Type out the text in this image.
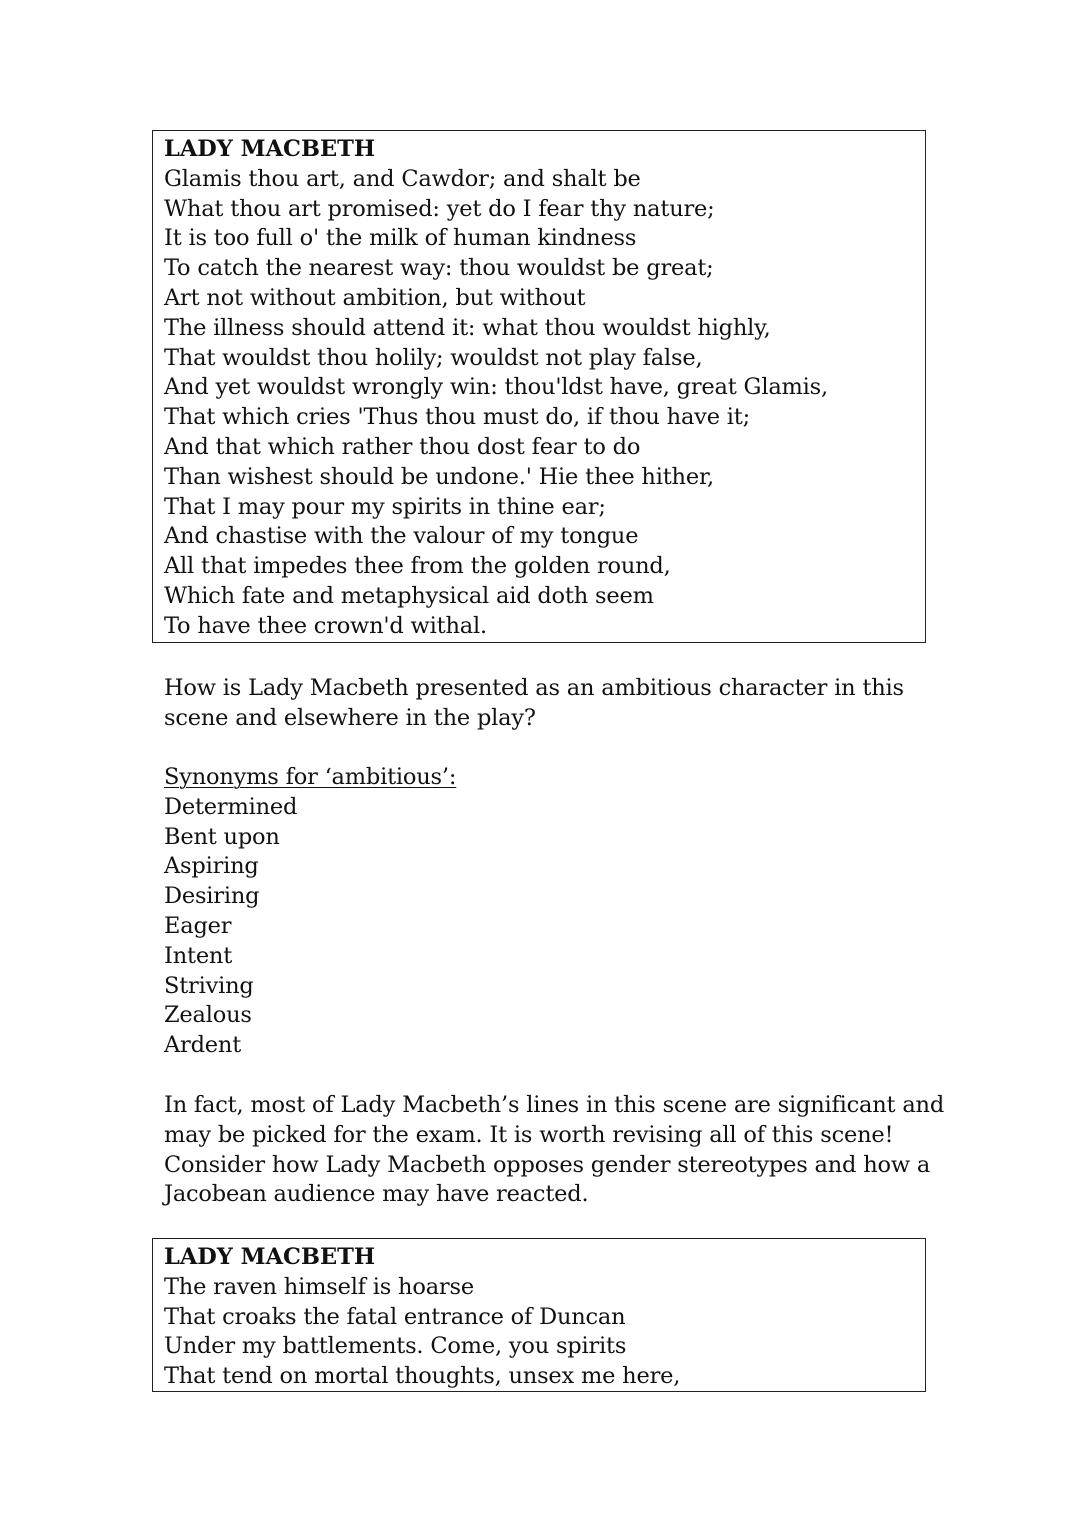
LADY MACBETH
Glamis thou art, and Cawdor; and shalt be
What thou art promised: yet do I fear thy nature;
It is too full o' the milk of human kindness
To catch the nearest way: thou wouldst be great;
Art not without ambition, but without
The illness should attend it: what thou wouldst highly,
That wouldst thou holily; wouldst not play false,
And yet wouldst wrongly win: thou'ldst have, great Glamis,
That which cries 'Thus thou must do, if thou have it;
And that which rather thou dost fear to do
Than wishest should be undone.' Hie thee hither,
That I may pour my spirits in thine ear;
And chastise with the valour of my tongue
All that impedes thee from the golden round,
Which fate and metaphysical aid doth seem
To have thee crown'd withal.
How is Lady Macbeth presented as an ambitious character in this
scene and elsewhere in the play?
Synonyms for ‘ambitious’:
Determined
Bent upon
Aspiring
Desiring
Eager
Intent
Striving
Zealous
Ardent
In fact, most of Lady Macbeth’s lines in this scene are significant and
may be picked for the exam. It is worth revising all of this scene!
Consider how Lady Macbeth opposes gender stereotypes and how a
Jacobean audience may have reacted.
LADY MACBETH
The raven himself is hoarse
That croaks the fatal entrance of Duncan
Under my battlements. Come, you spirits
That tend on mortal thoughts, unsex me here,
